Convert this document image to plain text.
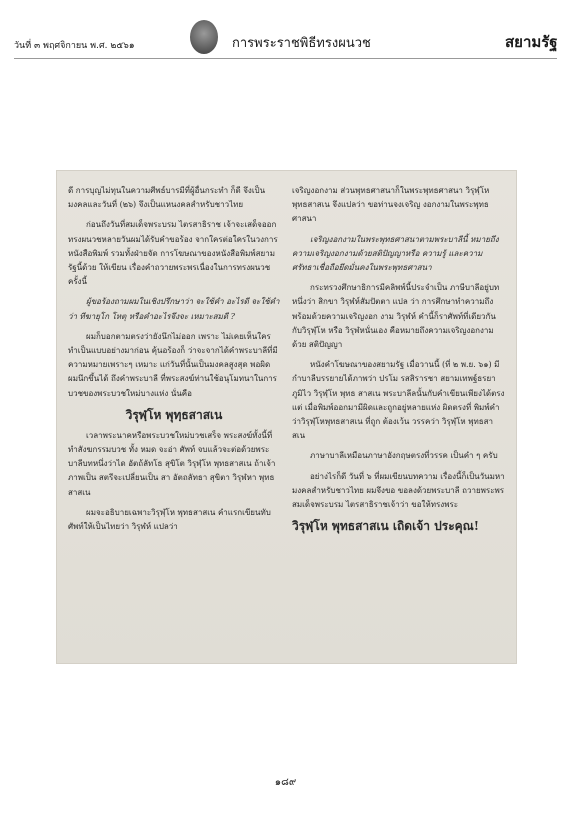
วันที่ ๓ พฤศจิกายน พ.ศ. ๒๕๖๑	การพระราชพิธีทรงผนวช	สยามรัฐ

ดี การบุญไม่ทุนในความศีพธ์บารมีที่ผู้อื่นกระทำ ก็ดี จึงเป็นมงคลและวันที่ (๒๖) จึงเป็นแหนงคลสำหรับชาวไทย

ก่อนถึงวันที่สมเด็จพระบรม ไตรสาธิราช เจ้าจะเสด็จออกทรงผนวชหลายวันผมได้รับคำขอร้อง จากใครต่อใครในวงการหนังสือพิมพ์ รวมทั้งฝ่ายจัด การโฆษณาของหนังสือพิมพ์สยามรัฐนี้ด้วย ให้เขียน เรื่องคำถวายพระพรเนื่องในการทรงผนวชครั้งนี้

ผู้ขอร้องถามผมในเชิงปรึกษาว่า จะใช้คำ อะไรดี จะใช้คำว่า ทีฆายุโก โหตุ หรือคำอะไรจึงจะ เหมาะสมดี ?

ผมก็บอกตามตรงว่ายังนึกไม่ออก เพราะ ไม่เคยเห็นใครทำเป็นแบบอย่างมาก่อน คุ้นอร้องก็ ว่าจะจากได้คำพระบาลีที่มีความหมายเพราะๆ เหมาะ แก่วันที่นั้นเป็นมงคลสูงสุด พอผิดผมนึกขึ้นได้ ถึงคำพระบาลี ที่พระสงฆ์ท่านใช้อนุโมทนาในการ บวชของพระบวชใหม่บางแห่ง นั่นคือ

วิรุฬฺโห พุทฺธสาสเน

เวลาพระนาคหรือพระบวชใหม่บวชเสร็จ พระสงฆ์ทั้งนี้ที่ทำสังฆกรรมบวช ทั้ง หมด จะอ่า ศัพท์ จบแล้วจะต่อด้วยพระบาลีบทหนึ่งว่าได อัตถ้ลัทโธ สุขิโต วิรุฬฺโห พุทธสาสเน ถ้าเจ้าภาพเป็น สตรีจะเปลี่ยนเป็น สา อัตถลัทธา สุขิตา วิรุฬหา พุทธสาสเน

ผมจะอธิบายเฉพาะวิรุฬฺโห พุทธสาสเน คำแรกเขียนทับศัพท์ให้เป็นไทยว่า วิรุฬห์ แปลว่า

เจริญงอกงาม ส่วนพุทธศาสนาก็ในพระพุทธศาสนา วิรุฬฺโห พุทธสาสเน จึงแปลว่า ขอท่านจงเจริญ งอกงามในพระพุทธศาสนา

เจริญงอกงามในพระพุทธศาสนาตามพระบาลีนี้ หมายถึงความเจริญงอกงามด้วยสติปัญญาหรือ ความรู้ และความศรัทธาเชื่อถือยึดมั่นคงในพระพุทธศาสนา

กระทรวงศึกษาธิการมีคลิพพ์นี้ประจำเป็น ภาษีบาลีอยู่บทหนึ่งว่า สิกขา วิรุฬห์สัมปัตตา แปล ว่า การศึกษาทำความถึงพร้อมด้วยความเจริญงอก งาม วิรุฬห์ คำนี้ก็ราศัพท์ที่เดียวกันกับวิรุฬฺโห หรือ วิรุฬหนั่นเอง คือหมายถึงความเจริญงอกงามด้วย สติปัญญา

หนังคำโฆษณาของสยามรัฐ เมื่อวานนี้ (ที่ ๒ พ.ย. ๖๑) มีกำบาลีบรรยายได้ภาพว่า ปรโม รสสิรารชา สยามเทพฐ์ธรยาภูมิไว วิรุฬฺโห พุทธ สาสเน พระบาลีลนั้นกับคำเขียนเพียงได้ตรง แต่ เมื่อพิมพ์ออกมามีผิดและถูกอยู่หลายแห่ง ผิดตรงที่ พิมพ์คำว่าวิรุฬฺโหพุทธสาสเน ที่ถูก ต้องเว้น วรรคว่า วิรุฬฺโห พุทธสาสเน

ภาษาบาลีเหมือนภาษาอังกฤษตรงที่วรรค เป็นคำ ๆ ครับ

อย่างไรก็ดี วันที่ ๖ ที่ผมเขียนบทความ เรื่องนี้ก็เป็นวันมหามงคลสำหรับชาวไทย ผมจึงขอ ขอลงด้วยพระบาลี ถวายพระพร สมเด็จพระบรม ไตรสาธิราชเจ้าว่า ขอให้ทรงพระ

วิรุฬฺโห พุทธสาสเน เถิดเจ้า ประคุณ!
๑๘๙
